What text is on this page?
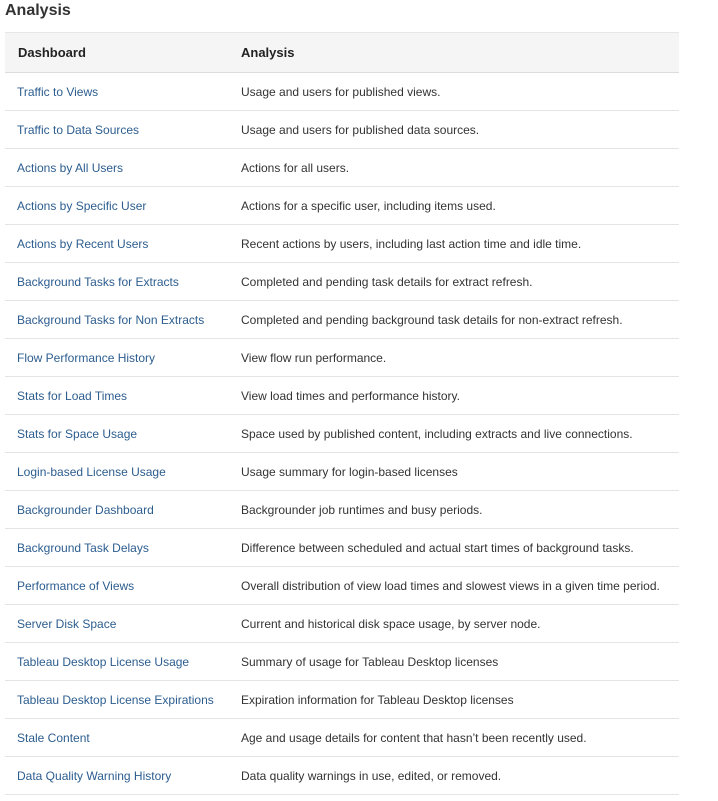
Analysis
Dashboard	Analysis
Traffic to Views	Usage and users for published views.
Traffic to Data Sources	Usage and users for published data sources.
Actions by All Users	Actions for all users.
Actions by Specific User	Actions for a specific user, including items used.
Actions by Recent Users	Recent actions by users, including last action time and idle time.
Background Tasks for Extracts	Completed and pending task details for extract refresh.
Background Tasks for Non Extracts	Completed and pending background task details for non-extract refresh.
Flow Performance History	View flow run performance.
Stats for Load Times	View load times and performance history.
Stats for Space Usage	Space used by published content, including extracts and live connections.
Login-based License Usage	Usage summary for login-based licenses
Backgrounder Dashboard	Backgrounder job runtimes and busy periods.
Background Task Delays	Difference between scheduled and actual start times of background tasks.
Performance of Views	Overall distribution of view load times and slowest views in a given time period.
Server Disk Space	Current and historical disk space usage, by server node.
Tableau Desktop License Usage	Summary of usage for Tableau Desktop licenses
Tableau Desktop License Expirations	Expiration information for Tableau Desktop licenses
Stale Content	Age and usage details for content that hasn’t been recently used.
Data Quality Warning History	Data quality warnings in use, edited, or removed.
